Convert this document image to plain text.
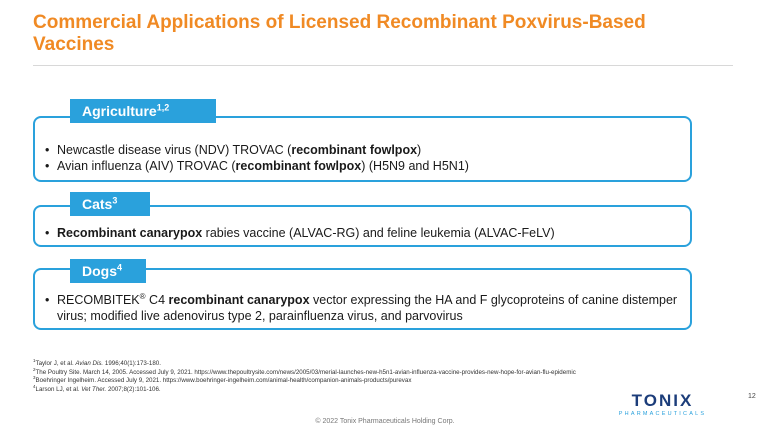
Commercial Applications of Licensed Recombinant Poxvirus-Based Vaccines
• Newcastle disease virus (NDV) TROVAC (recombinant fowlpox)
• Avian influenza (AIV) TROVAC (recombinant fowlpox) (H5N9 and H5N1)
Agriculture$^{1,2}$
• Recombinant canarypox rabies vaccine (ALVAC-RG) and feline leukemia (ALVAC-FeLV)
Cats$^3$
• RECOMBITEK® C4 recombinant canarypox vector expressing the HA and F glycoproteins of canine distemper virus; modified live adenovirus type 2, parainfluenza virus, and parvovirus
Dogs$^4$
$^1$Taylor J, et al. Avian Dis. 1996;40(1):173-180.
$^2$The Poultry Site. March 14, 2005. Accessed July 9, 2021. https://www.thepoultrysite.com/news/2005/03/merial-launches-new-h5n1-avian-influenza-vaccine-provides-new-hope-for-avian-flu-epidemic
$^3$Boehringer Ingelheim. Accessed July 9, 2021. https://www.boehringer-ingelheim.com/animal-health/companion-animals-products/purevax
$^4$Larson LJ, et al. Vet Ther. 2007;8(2):101-106.
12
TONIX
PHARMACEUTICALS
© 2022 Tonix Pharmaceuticals Holding Corp.
